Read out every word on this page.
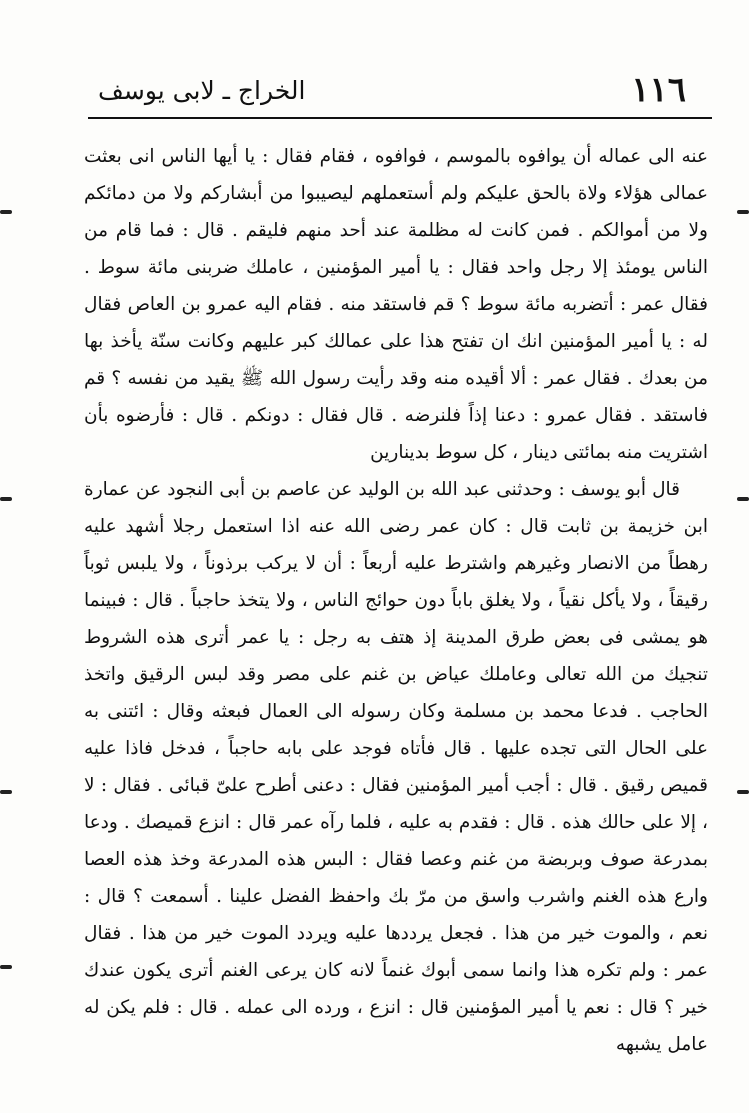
١١٦
الخراج ـ لابى يوسف

عنه الى عماله أن يوافوه بالموسم ، فوافوه ، فقام فقال : يا أيها الناس انى بعثت عمالى هؤلاء ولاة بالحق عليكم ولم أستعملهم ليصيبوا من أبشاركم ولا من دمائكم ولا من أموالكم . فمن كانت له مظلمة عند أحد منهم فليقم . قال : فما قام من الناس يومئذ إلا رجل واحد فقال : يا أمير المؤمنين ، عاملك ضربنى مائة سوط . فقال عمر : أتضربه مائة سوط ؟ قم فاستقد منه . فقام اليه عمرو بن العاص فقال له : يا أمير المؤمنين انك ان تفتح هذا على عمالك كبر عليهم وكانت سنّة يأخذ بها من بعدك . فقال عمر : ألا أقيده منه وقد رأيت رسول الله ﷺ يقيد من نفسه ؟ قم فاستقد . فقال عمرو : دعنا إذاً فلنرضه . قال فقال : دونكم . قال : فأرضوه بأن اشتريت منه بمائتى دينار ، كل سوط بدينارين

قال أبو يوسف : وحدثنى عبد الله بن الوليد عن عاصم بن أبى النجود عن عمارة ابن خزيمة بن ثابت قال : كان عمر رضى الله عنه اذا استعمل رجلا أشهد عليه رهطاً من الانصار وغيرهم واشترط عليه أربعاً : أن لا يركب برذوناً ، ولا يلبس ثوباً رقيقاً ، ولا يأكل نقياً ، ولا يغلق باباً دون حوائج الناس ، ولا يتخذ حاجباً . قال : فبينما هو يمشى فى بعض طرق المدينة إذ هتف به رجل : يا عمر أترى هذه الشروط تنجيك من الله تعالى وعاملك عياض بن غنم على مصر وقد لبس الرقيق واتخذ الحاجب . فدعا محمد بن مسلمة وكان رسوله الى العمال فبعثه وقال : ائتنى به على الحال التى تجده عليها . قال فأتاه فوجد على بابه حاجباً ، فدخل فاذا عليه قميص رقيق . قال : أجب أمير المؤمنين فقال : دعنى أطرح علىّ قبائى . فقال : لا ، إلا على حالك هذه . قال : فقدم به عليه ، فلما رآه عمر قال : انزع قميصك . ودعا بمدرعة صوف وبربضة من غنم وعصا فقال : البس هذه المدرعة وخذ هذه العصا وارع هذه الغنم واشرب واسق من مرّ بك واحفظ الفضل علينا . أسمعت ؟ قال : نعم ، والموت خير من هذا . فجعل يرددها عليه ويردد الموت خير من هذا . فقال عمر : ولم تكره هذا وانما سمى أبوك غنماً لانه كان يرعى الغنم أترى يكون عندك خير ؟ قال : نعم يا أمير المؤمنين قال : انزع ، ورده الى عمله . قال : فلم يكن له عامل يشبهه
